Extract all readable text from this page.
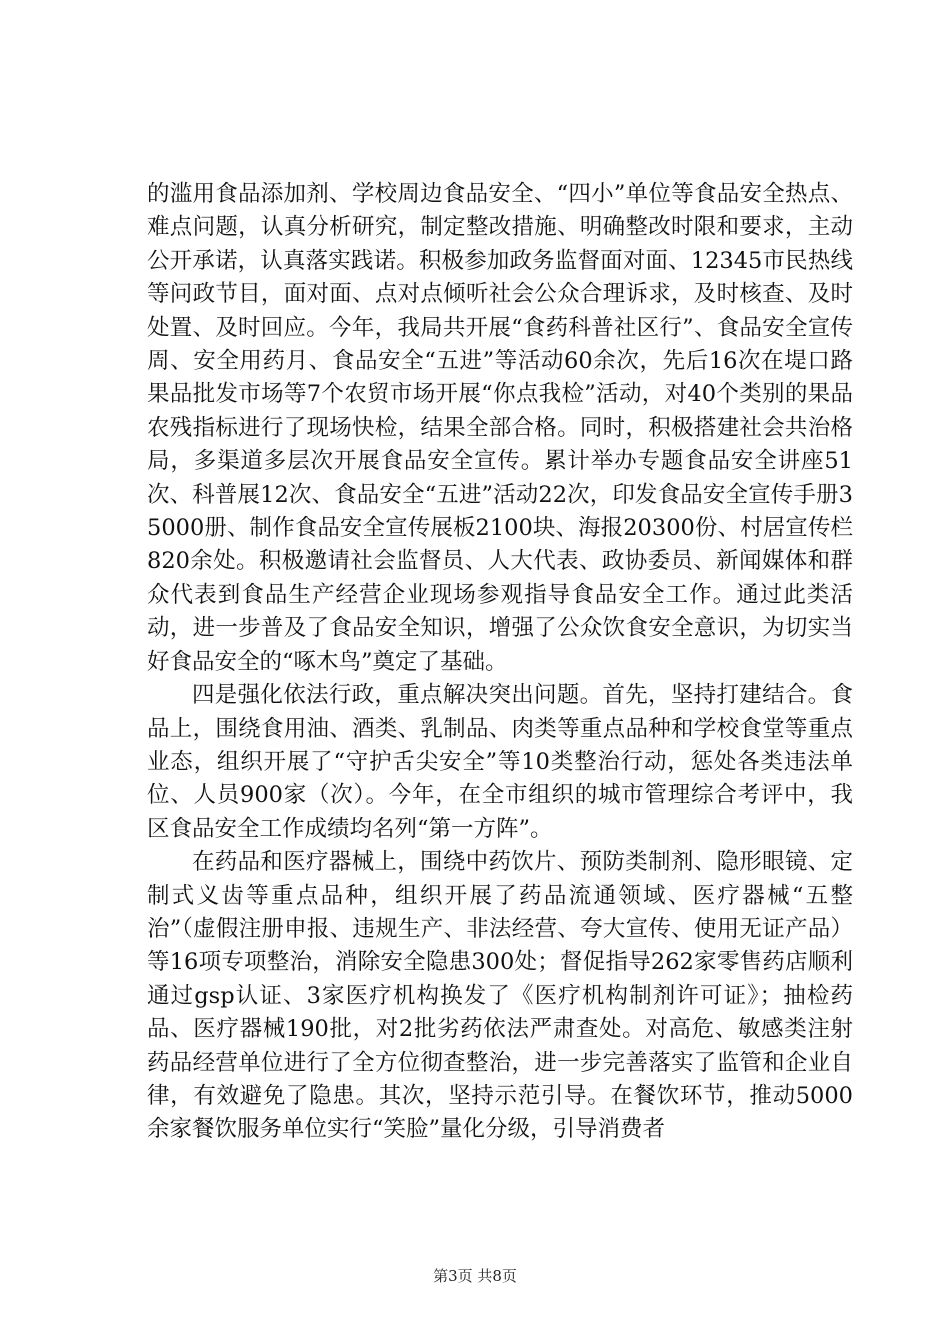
的滥用食品添加剂、学校周边食品安全、“四小”单位等食品安全热点、难点问题，认真分析研究，制定整改措施、明确整改时限和要求，主动公开承诺，认真落实践诺。积极参加政务监督面对面、12345市民热线等问政节目，面对面、点对点倾听社会公众合理诉求，及时核查、及时处置、及时回应。今年，我局共开展“食药科普社区行”、食品安全宣传周、安全用药月、食品安全“五进”等活动60余次，先后16次在堤口路果品批发市场等7个农贸市场开展“你点我检”活动，对40个类别的果品农残指标进行了现场快检，结果全部合格。同时，积极搭建社会共治格局，多渠道多层次开展食品安全宣传。累计举办专题食品安全讲座51次、科普展12次、食品安全“五进”活动22次，印发食品安全宣传手册35000册、制作食品安全宣传展板2100块、海报20300份、村居宣传栏820余处。积极邀请社会监督员、人大代表、政协委员、新闻媒体和群众代表到食品生产经营企业现场参观指导食品安全工作。通过此类活动，进一步普及了食品安全知识，增强了公众饮食安全意识，为切实当好食品安全的“啄木鸟”奠定了基础。

四是强化依法行政，重点解决突出问题。首先，坚持打建结合。食品上，围绕食用油、酒类、乳制品、肉类等重点品种和学校食堂等重点业态，组织开展了“守护舌尖安全”等10类整治行动，惩处各类违法单位、人员900家（次）。今年，在全市组织的城市管理综合考评中，我区食品安全工作成绩均名列“第一方阵”。

在药品和医疗器械上，围绕中药饮片、预防类制剂、隐形眼镜、定制式义齿等重点品种，组织开展了药品流通领域、医疗器械“五整治”（虚假注册申报、违规生产、非法经营、夸大宣传、使用无证产品）等16项专项整治，消除安全隐患300处；督促指导262家零售药店顺利通过gsp认证、3家医疗机构换发了《医疗机构制剂许可证》；抽检药品、医疗器械190批，对2批劣药依法严肃查处。对高危、敏感类注射药品经营单位进行了全方位彻查整治，进一步完善落实了监管和企业自律，有效避免了隐患。其次，坚持示范引导。在餐饮环节，推动5000余家餐饮服务单位实行“笑脸”量化分级，引导消费者

第3页 共8页
